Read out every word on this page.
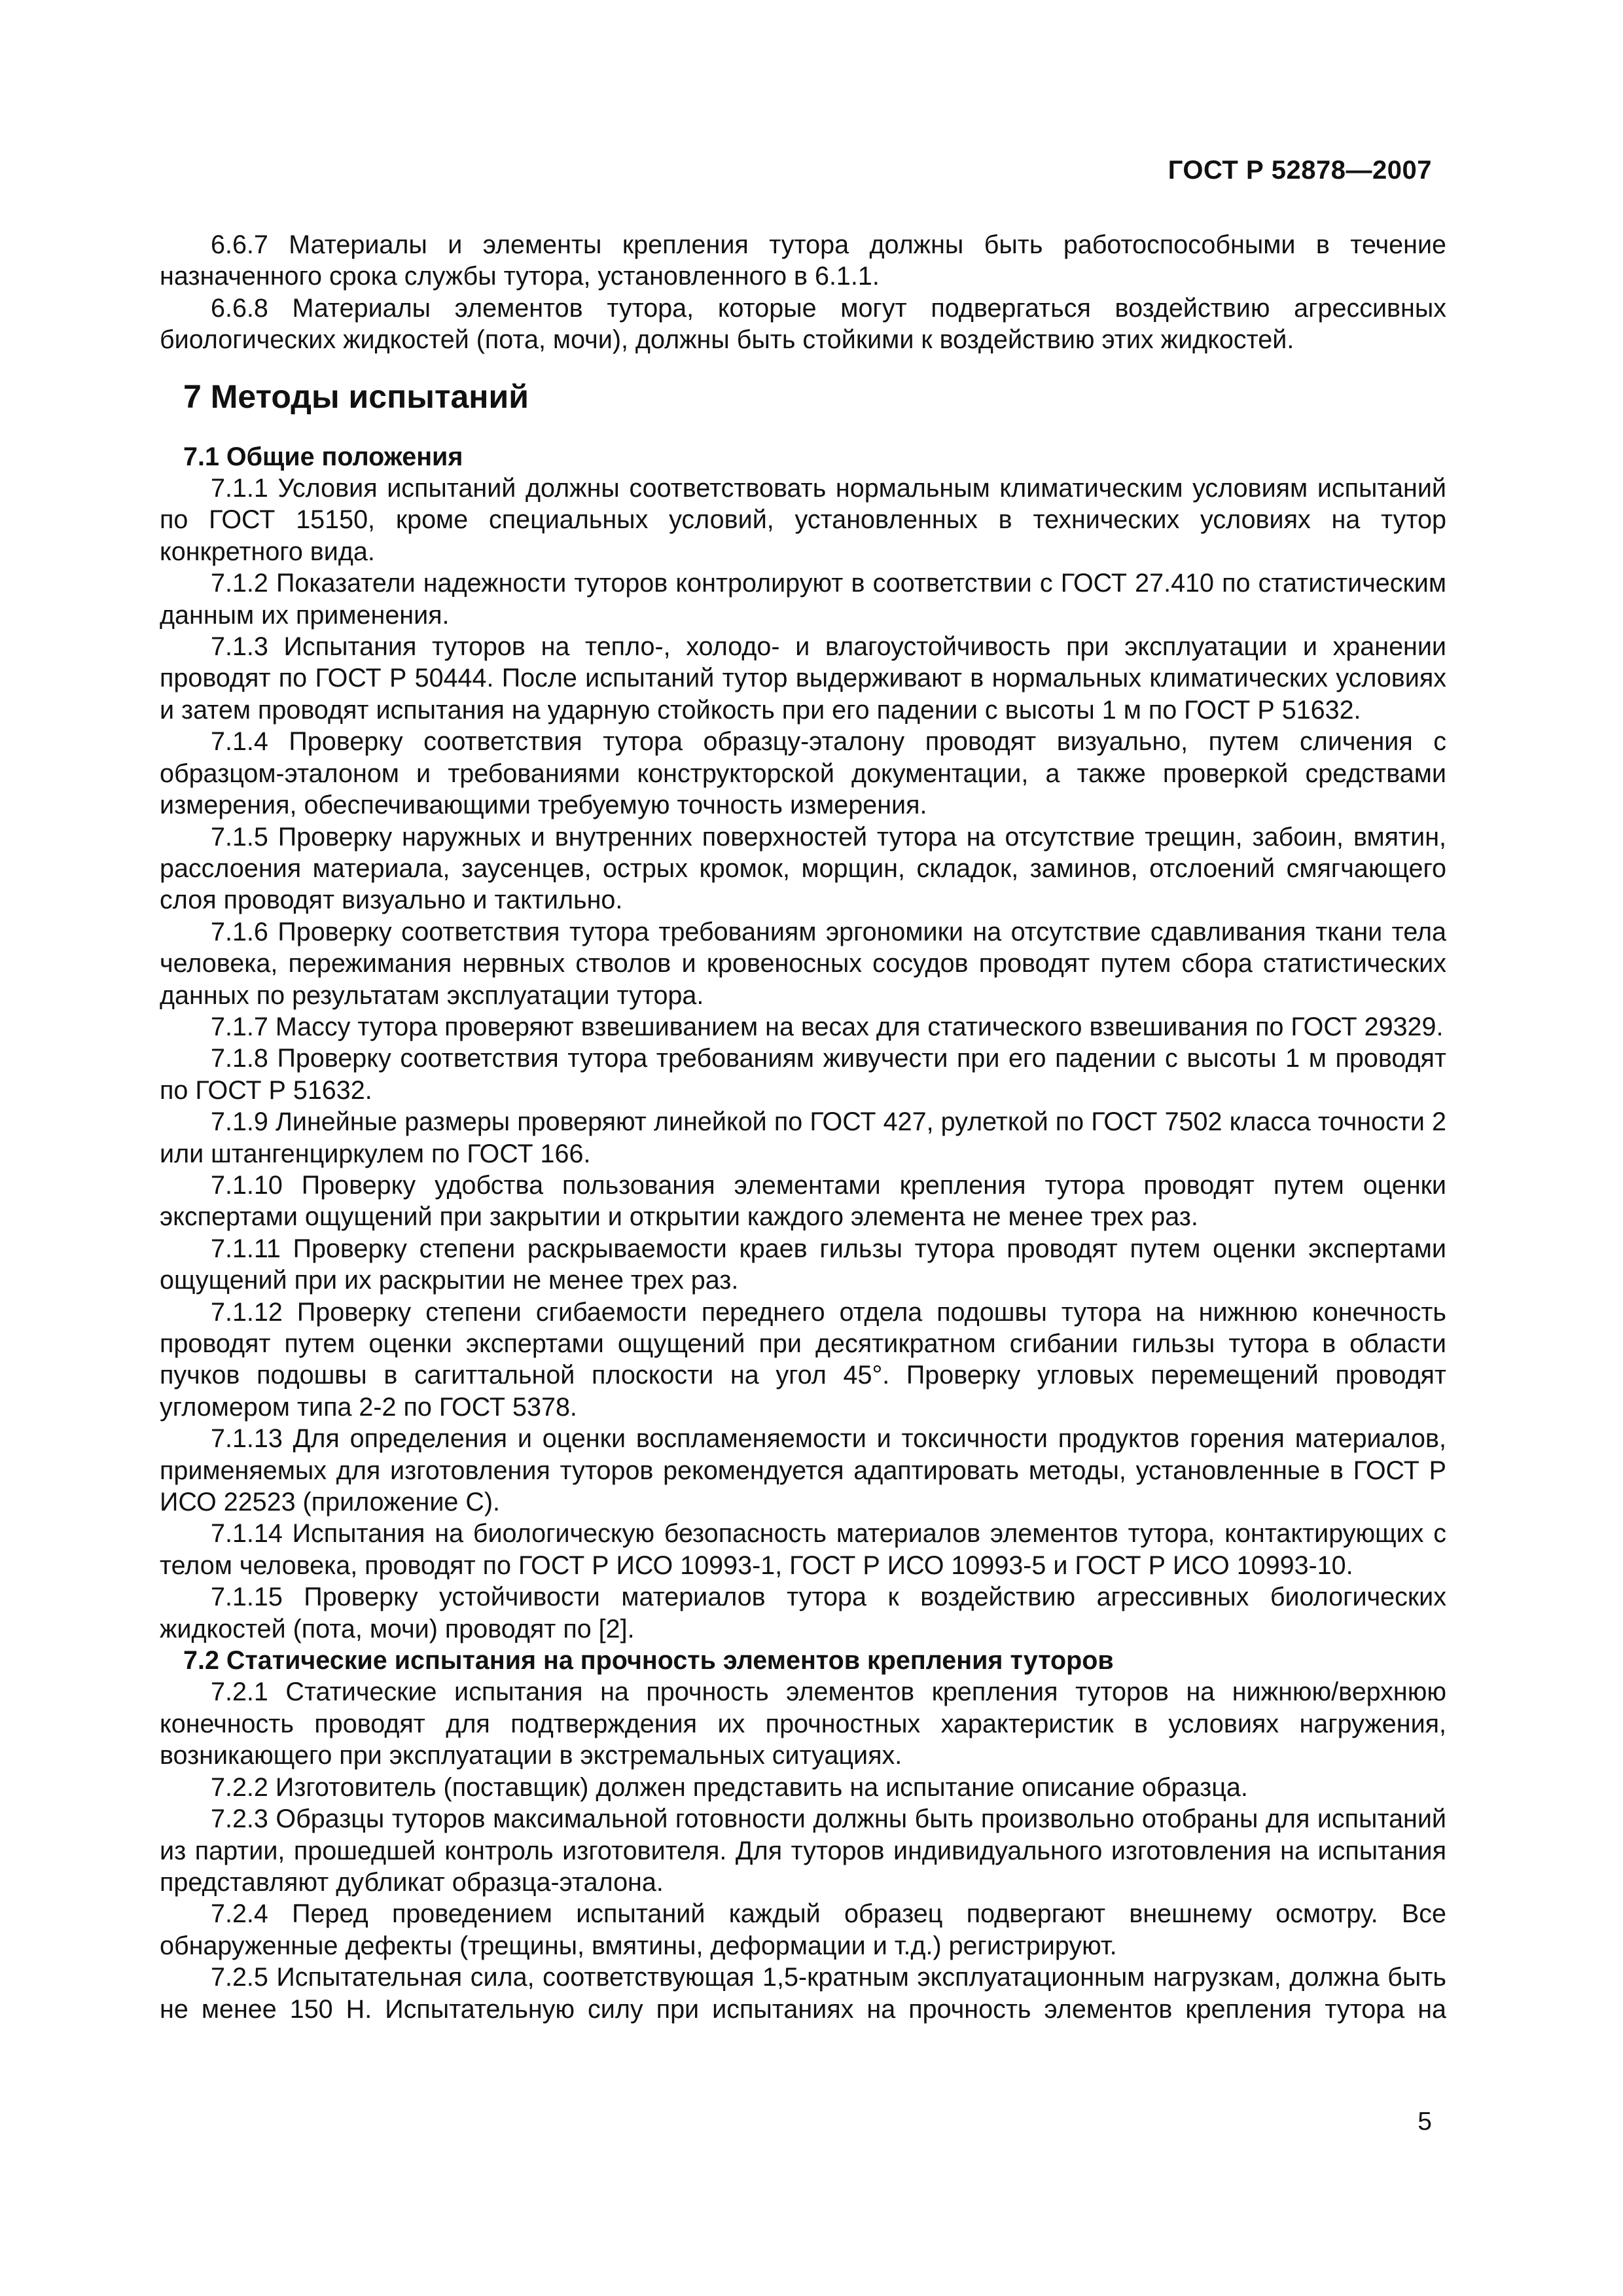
ГОСТ Р 52878—2007

6.6.7 Материалы и элементы крепления тутора должны быть работоспособными в течение назначенного срока службы тутора, установленного в 6.1.1.

6.6.8 Материалы элементов тутора, которые могут подвергаться воздействию агрессивных биологических жидкостей (пота, мочи), должны быть стойкими к воздействию этих жидкостей.

7 Методы испытаний

7.1 Общие положения

7.1.1 Условия испытаний должны соответствовать нормальным климатическим условиям испытаний по ГОСТ 15150, кроме специальных условий, установленных в технических условиях на тутор конкретного вида.

7.1.2 Показатели надежности туторов контролируют в соответствии с ГОСТ 27.410 по статистическим данным их применения.

7.1.3 Испытания туторов на тепло-, холодо- и влагоустойчивость при эксплуатации и хранении проводят по ГОСТ Р 50444. После испытаний тутор выдерживают в нормальных климатических условиях и затем проводят испытания на ударную стойкость при его падении с высоты 1 м по ГОСТ Р 51632.

7.1.4 Проверку соответствия тутора образцу-эталону проводят визуально, путем сличения с образцом-эталоном и требованиями конструкторской документации, а также проверкой средствами измерения, обеспечивающими требуемую точность измерения.

7.1.5 Проверку наружных и внутренних поверхностей тутора на отсутствие трещин, забоин, вмятин, расслоения материала, заусенцев, острых кромок, морщин, складок, заминов, отслоений смягчающего слоя проводят визуально и тактильно.

7.1.6 Проверку соответствия тутора требованиям эргономики на отсутствие сдавливания ткани тела человека, пережимания нервных стволов и кровеносных сосудов проводят путем сбора статистических данных по результатам эксплуатации тутора.

7.1.7 Массу тутора проверяют взвешиванием на весах для статического взвешивания по ГОСТ 29329.

7.1.8 Проверку соответствия тутора требованиям живучести при его падении с высоты 1 м проводят по ГОСТ Р 51632.

7.1.9 Линейные размеры проверяют линейкой по ГОСТ 427, рулеткой по ГОСТ 7502 класса точности 2 или штангенциркулем по ГОСТ 166.

7.1.10 Проверку удобства пользования элементами крепления тутора проводят путем оценки экспертами ощущений при закрытии и открытии каждого элемента не менее трех раз.

7.1.11 Проверку степени раскрываемости краев гильзы тутора проводят путем оценки экспертами ощущений при их раскрытии не менее трех раз.

7.1.12 Проверку степени сгибаемости переднего отдела подошвы тутора на нижнюю конечность проводят путем оценки экспертами ощущений при десятикратном сгибании гильзы тутора в области пучков подошвы в сагиттальной плоскости на угол 45°. Проверку угловых перемещений проводят угломером типа 2-2 по ГОСТ 5378.

7.1.13 Для определения и оценки воспламеняемости и токсичности продуктов горения материалов, применяемых для изготовления туторов рекомендуется адаптировать методы, установленные в ГОСТ Р ИСО 22523 (приложение С).

7.1.14 Испытания на биологическую безопасность материалов элементов тутора, контактирующих с телом человека, проводят по ГОСТ Р ИСО 10993-1, ГОСТ Р ИСО 10993-5 и ГОСТ Р ИСО 10993-10.

7.1.15 Проверку устойчивости материалов тутора к воздействию агрессивных биологических жидкостей (пота, мочи) проводят по [2].

7.2 Статические испытания на прочность элементов крепления туторов

7.2.1 Статические испытания на прочность элементов крепления туторов на нижнюю/верхнюю конечность проводят для подтверждения их прочностных характеристик в условиях нагружения, возникающего при эксплуатации в экстремальных ситуациях.

7.2.2 Изготовитель (поставщик) должен представить на испытание описание образца.

7.2.3 Образцы туторов максимальной готовности должны быть произвольно отобраны для испытаний из партии, прошедшей контроль изготовителя. Для туторов индивидуального изготовления на испытания представляют дубликат образца-эталона.

7.2.4 Перед проведением испытаний каждый образец подвергают внешнему осмотру. Все обнаруженные дефекты (трещины, вмятины, деформации и т.д.) регистрируют.

7.2.5 Испытательная сила, соответствующая 1,5-кратным эксплуатационным нагрузкам, должна быть не менее 150 Н. Испытательную силу при испытаниях на прочность элементов крепления тутора на

5
